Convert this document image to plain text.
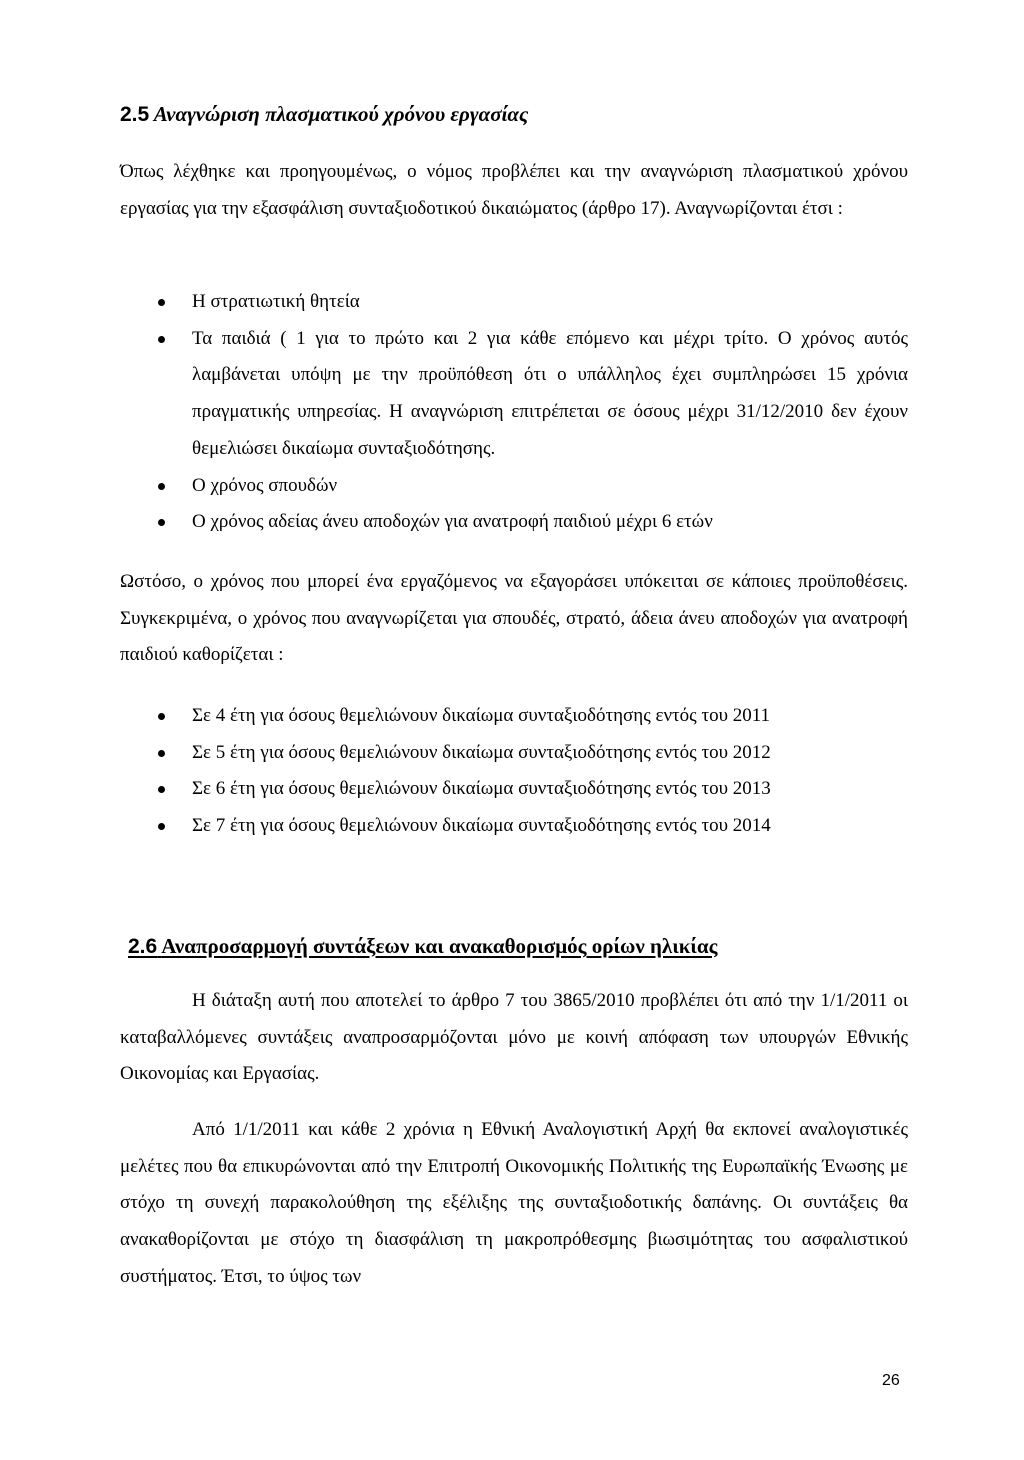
2.5 Αναγνώριση πλασματικού χρόνου εργασίας

Όπως λέχθηκε και προηγουμένως, ο νόμος προβλέπει και την αναγνώριση πλασματικού χρόνου εργασίας για την εξασφάλιση συνταξιοδοτικού δικαιώματος (άρθρο 17). Αναγνωρίζονται έτσι :

Η στρατιωτική θητεία
Τα παιδιά ( 1 για το πρώτο και 2 για κάθε επόμενο και μέχρι τρίτο. Ο χρόνος αυτός λαμβάνεται υπόψη με την προϋπόθεση ότι ο υπάλληλος έχει συμπληρώσει 15 χρόνια πραγματικής υπηρεσίας. Η αναγνώριση επιτρέπεται σε όσους μέχρι 31/12/2010 δεν έχουν θεμελιώσει δικαίωμα συνταξιοδότησης.
Ο χρόνος σπουδών
Ο χρόνος αδείας άνευ αποδοχών για ανατροφή παιδιού μέχρι 6 ετών

Ωστόσο, ο χρόνος που μπορεί ένα εργαζόμενος να εξαγοράσει υπόκειται σε κάποιες προϋποθέσεις. Συγκεκριμένα, ο χρόνος που αναγνωρίζεται για σπουδές, στρατό, άδεια άνευ αποδοχών για ανατροφή παιδιού καθορίζεται :

Σε 4 έτη για όσους θεμελιώνουν δικαίωμα συνταξιοδότησης εντός του 2011
Σε 5 έτη για όσους θεμελιώνουν δικαίωμα συνταξιοδότησης εντός του 2012
Σε 6 έτη για όσους θεμελιώνουν δικαίωμα συνταξιοδότησης εντός του 2013
Σε 7 έτη για όσους θεμελιώνουν δικαίωμα συνταξιοδότησης εντός του 2014
2.6 Αναπροσαρμογή συντάξεων και ανακαθορισμός ορίων ηλικίας

Η διάταξη αυτή που αποτελεί το άρθρο 7 του 3865/2010 προβλέπει ότι από την 1/1/2011 οι καταβαλλόμενες συντάξεις αναπροσαρμόζονται μόνο με κοινή απόφαση των υπουργών Εθνικής Οικονομίας και Εργασίας.

Από 1/1/2011 και κάθε 2 χρόνια η Εθνική Αναλογιστική Αρχή θα εκπονεί αναλογιστικές μελέτες που θα επικυρώνονται από την Επιτροπή Οικονομικής Πολιτικής της Ευρωπαϊκής Ένωσης με στόχο τη συνεχή παρακολούθηση της εξέλιξης της συνταξιοδοτικής δαπάνης. Οι συντάξεις θα ανακαθορίζονται με στόχο τη διασφάλιση τη μακροπρόθεσμης βιωσιμότητας του ασφαλιστικού συστήματος. Έτσι, το ύψος των

26
